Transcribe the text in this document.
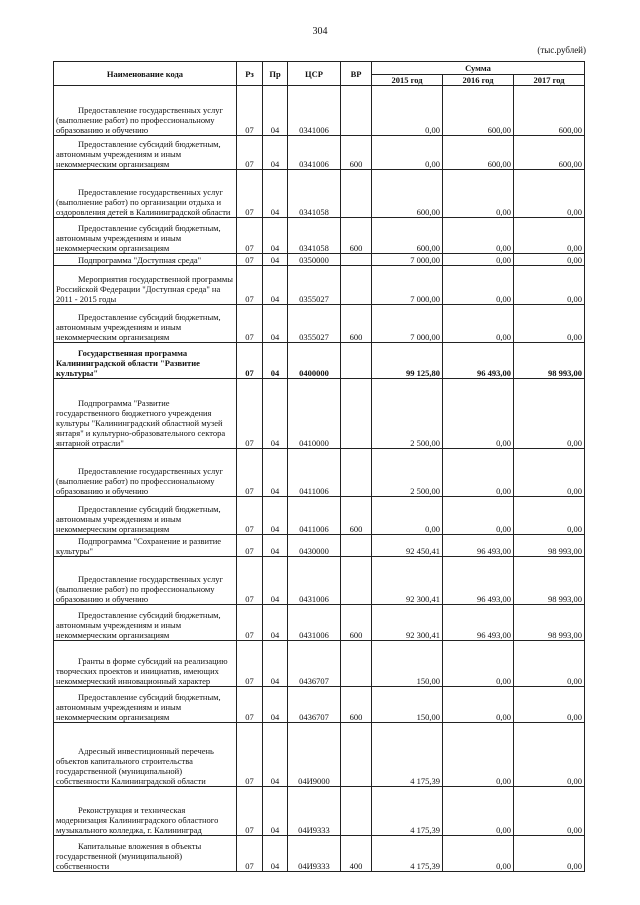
304
(тыс.рублей)
Наименование кода	Рз	Пр	ЦСР	ВР	Сумма		
					2015 год	2016 год	2017 год
Предоставление государственных услуг (выполнение работ) по профессиональному образованию и обучению	07	04	0341006		0,00	600,00	600,00
Предоставление субсидий бюджетным, автономным учреждениям и иным некоммерческим организациям	07	04	0341006	600	0,00	600,00	600,00
Предоставление государственных услуг (выполнение работ) по организации отдыха и оздоровления детей в Калининградской области	07	04	0341058		600,00	0,00	0,00
Предоставление субсидий бюджетным, автономным учреждениям и иным некоммерческим организациям	07	04	0341058	600	600,00	0,00	0,00
Подпрограмма "Доступная среда"	07	04	0350000		7 000,00	0,00	0,00
Мероприятия государственной программы Российской Федерации "Доступная среда" на 2011 - 2015 годы	07	04	0355027		7 000,00	0,00	0,00
Предоставление субсидий бюджетным, автономным учреждениям и иным некоммерческим организациям	07	04	0355027	600	7 000,00	0,00	0,00
Государственная программа Калининградской области "Развитие культуры"	07	04	0400000		99 125,80	96 493,00	98 993,00
Подпрограмма "Развитие государственного бюджетного учреждения культуры "Калининградский областной музей янтаря" и культурно-образовательного сектора янтарной отрасли"	07	04	0410000		2 500,00	0,00	0,00
Предоставление государственных услуг (выполнение работ) по профессиональному образованию и обучению	07	04	0411006		2 500,00	0,00	0,00
Предоставление субсидий бюджетным, автономным учреждениям и иным некоммерческим организациям	07	04	0411006	600	0,00	0,00	0,00
Подпрограмма "Сохранение и развитие культуры"	07	04	0430000		92 450,41	96 493,00	98 993,00
Предоставление государственных услуг (выполнение работ) по профессиональному образованию и обучению	07	04	0431006		92 300,41	96 493,00	98 993,00
Предоставление субсидий бюджетным, автономным учреждениям и иным некоммерческим организациям	07	04	0431006	600	92 300,41	96 493,00	98 993,00
Гранты в форме субсидий на реализацию творческих проектов и инициатив, имеющих некоммерческий инновационный характер	07	04	0436707		150,00	0,00	0,00
Предоставление субсидий бюджетным, автономным учреждениям и иным некоммерческим организациям	07	04	0436707	600	150,00	0,00	0,00
Адресный инвестиционный перечень объектов капитального строительства государственной (муниципальной) собственности Калининградской области	07	04	04И9000		4 175,39	0,00	0,00
Реконструкция и техническая модернизация Калининградского областного музыкального колледжа, г. Калининград	07	04	04И9333		4 175,39	0,00	0,00
Капитальные вложения в объекты государственной (муниципальной) собственности	07	04	04И9333	400	4 175,39	0,00	0,00
